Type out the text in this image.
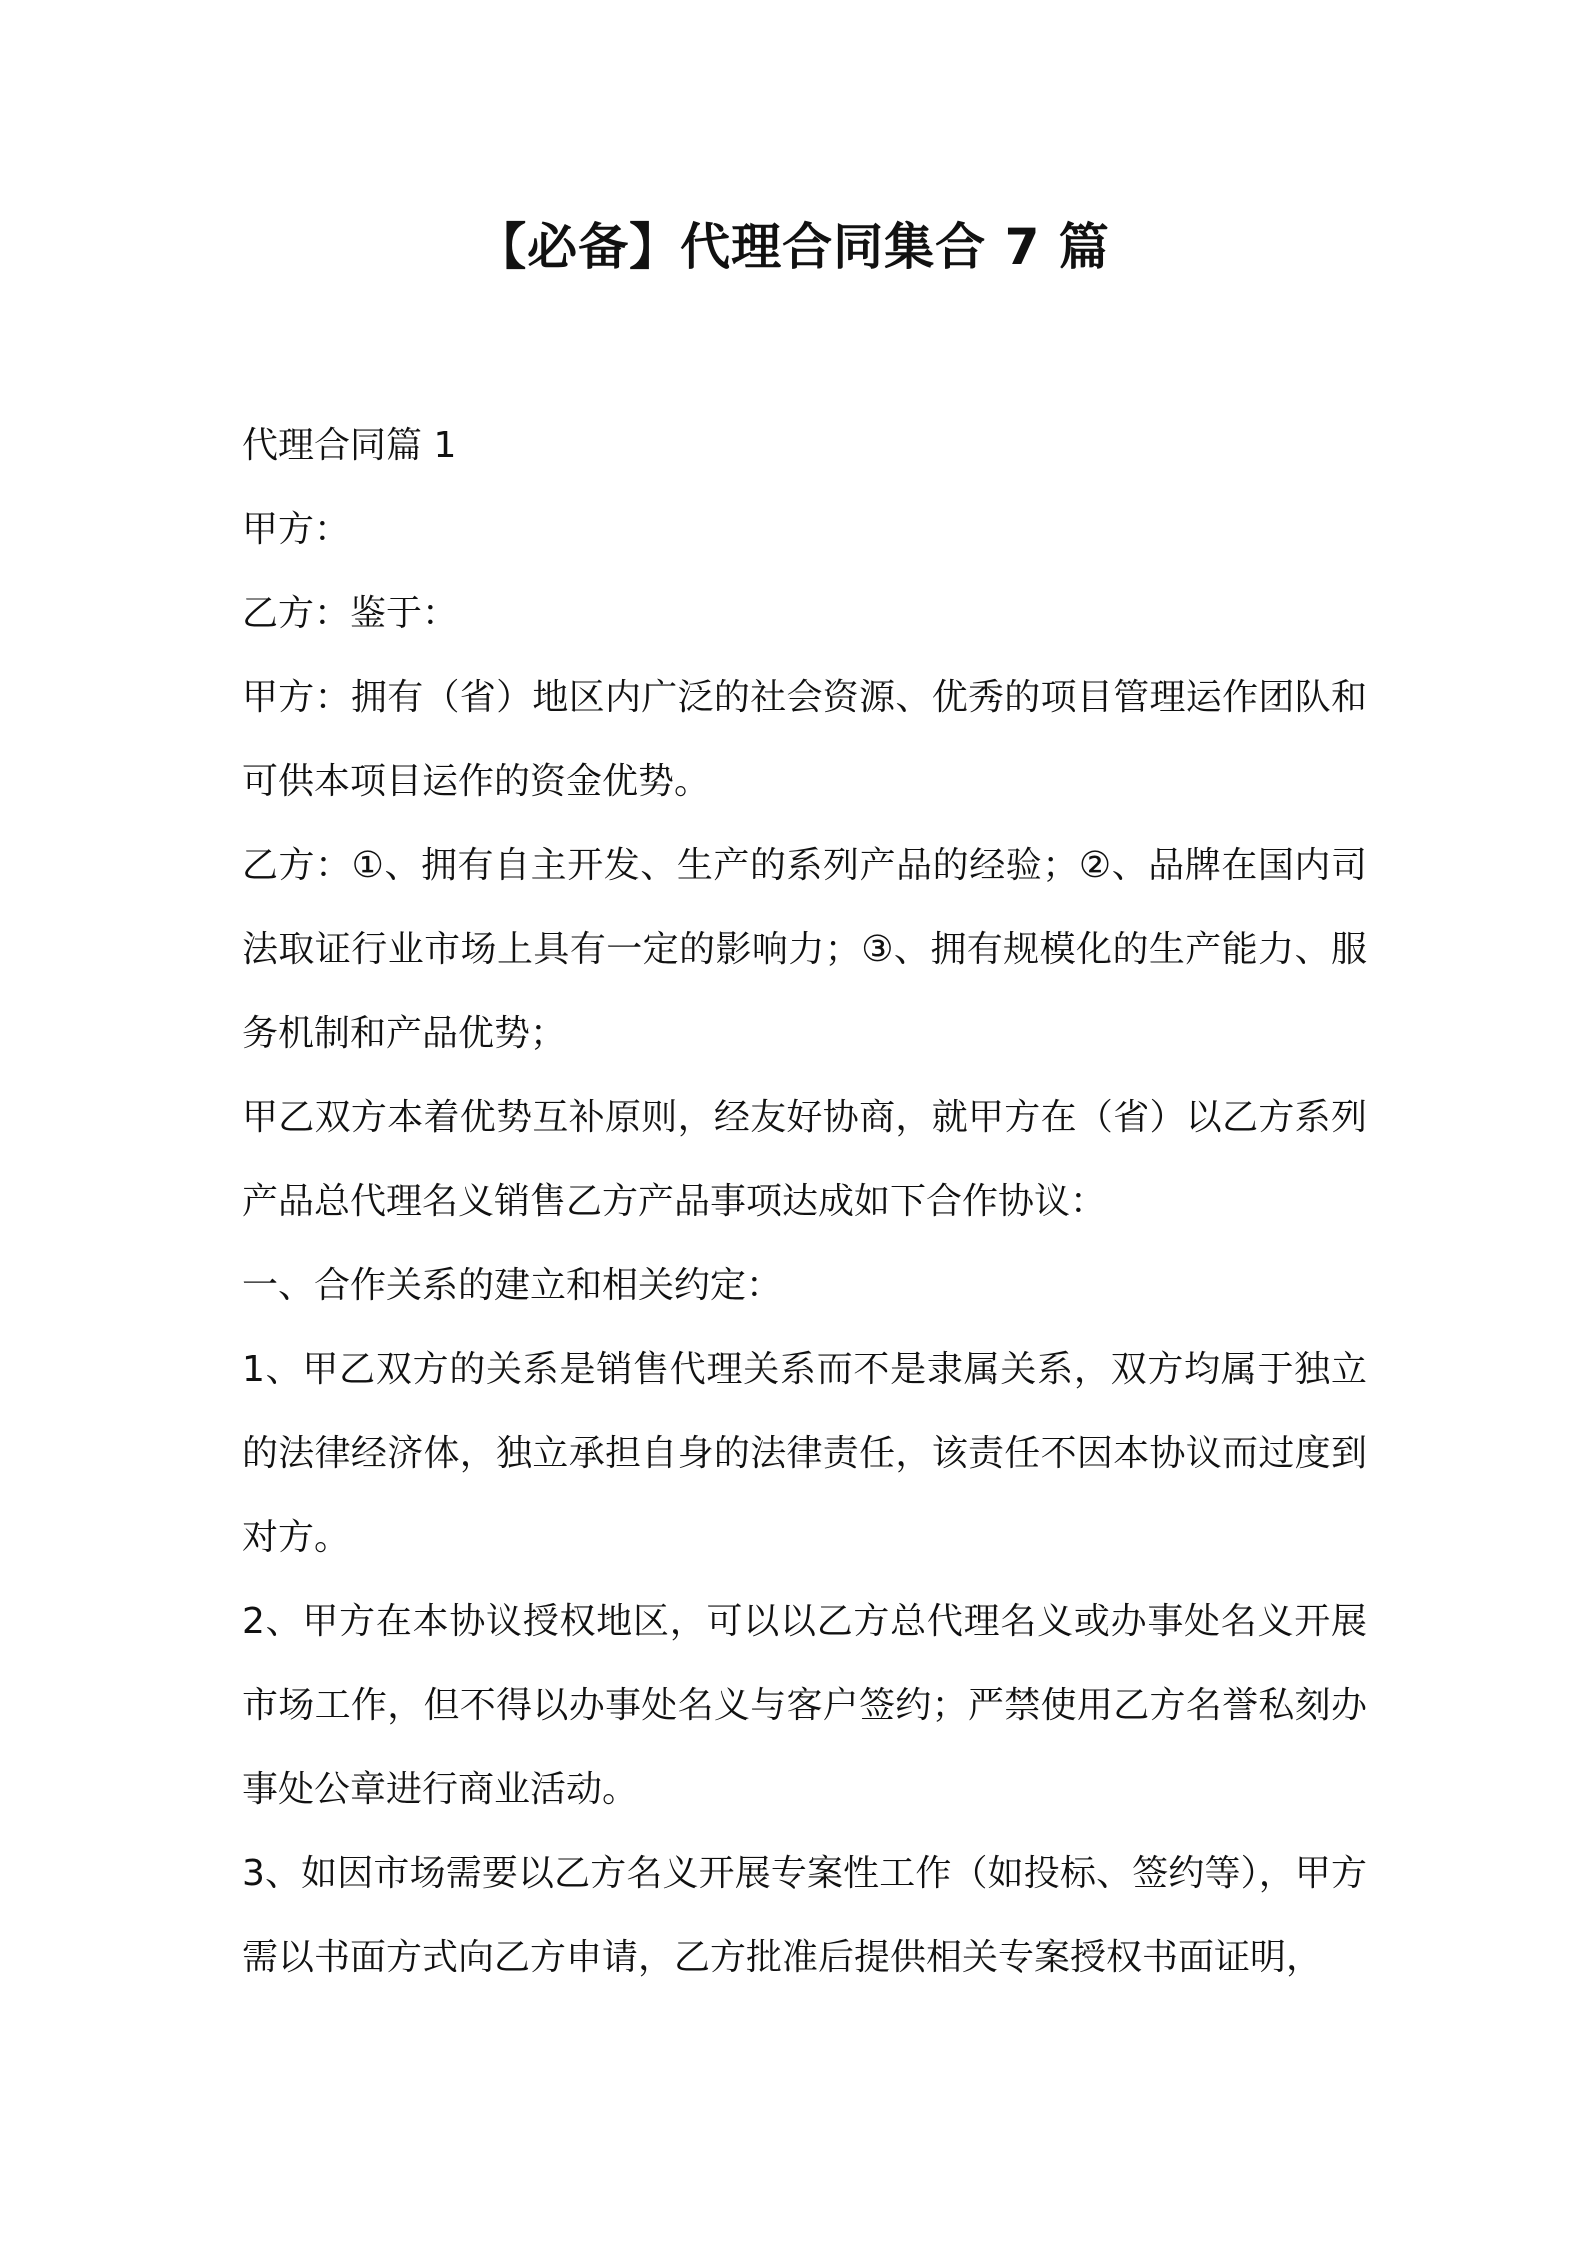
【必备】代理合同集合 7 篇

代理合同篇 1

甲方：

乙方：鉴于：

甲方：拥有（省）地区内广泛的社会资源、优秀的项目管理运作团队和可供本项目运作的资金优势。

乙方：①、拥有自主开发、生产的系列产品的经验；②、品牌在国内司法取证行业市场上具有一定的影响力；③、拥有规模化的生产能力、服务机制和产品优势；

甲乙双方本着优势互补原则，经友好协商，就甲方在（省）以乙方系列产品总代理名义销售乙方产品事项达成如下合作协议：

一、合作关系的建立和相关约定：

1、甲乙双方的关系是销售代理关系而不是隶属关系，双方均属于独立的法律经济体，独立承担自身的法律责任，该责任不因本协议而过度到对方。

2、甲方在本协议授权地区，可以以乙方总代理名义或办事处名义开展市场工作，但不得以办事处名义与客户签约；严禁使用乙方名誉私刻办事处公章进行商业活动。

3、如因市场需要以乙方名义开展专案性工作（如投标、签约等），甲方需以书面方式向乙方申请，乙方批准后提供相关专案授权书面证明，
